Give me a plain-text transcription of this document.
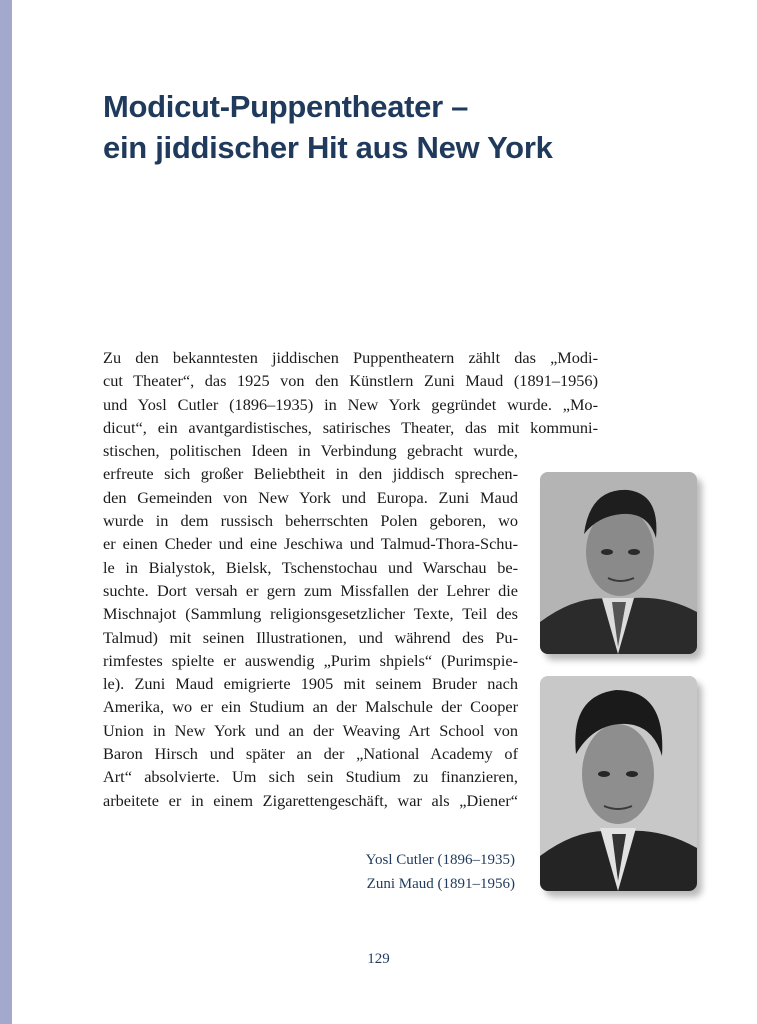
Modicut-Puppentheater –
ein jiddischer Hit aus New York
Zu den bekanntesten jiddischen Puppentheatern zählt das „Modi-
cut Theater“, das 1925 von den Künstlern Zuni Maud (1891–1956)
und Yosl Cutler (1896–1935) in New York gegründet wurde. „Mo-
dicut“, ein avantgardistisches, satirisches Theater, das mit kommuni-
stischen, politischen Ideen in Verbindung gebracht wurde,
erfreute sich großer Beliebtheit in den jiddisch sprechen-
den Gemeinden von New York und Europa. Zuni Maud
wurde in dem russisch beherrschten Polen geboren, wo
er einen Cheder und eine Jeschiwa und Talmud-Thora-Schu-
le in Bialystok, Bielsk, Tschenstochau und Warschau be-
suchte. Dort versah er gern zum Missfallen der Lehrer die
Mischnajot (Sammlung religionsgesetzlicher Texte, Teil des
Talmud) mit seinen Illustrationen, und während des Pu-
rimfestes spielte er auswendig „Purim shpiels“ (Purimspie-
le). Zuni Maud emigrierte 1905 mit seinem Bruder nach
Amerika, wo er ein Studium an der Malschule der Cooper
Union in New York und an der Weaving Art School von
Baron Hirsch und später an der „National Academy of
Art“ absolvierte. Um sich sein Studium zu finanzieren,
arbeitete er in einem Zigarettengeschäft, war als „Diener“
Yosl Cutler (1896–1935)
Zuni Maud (1891–1956)
129
